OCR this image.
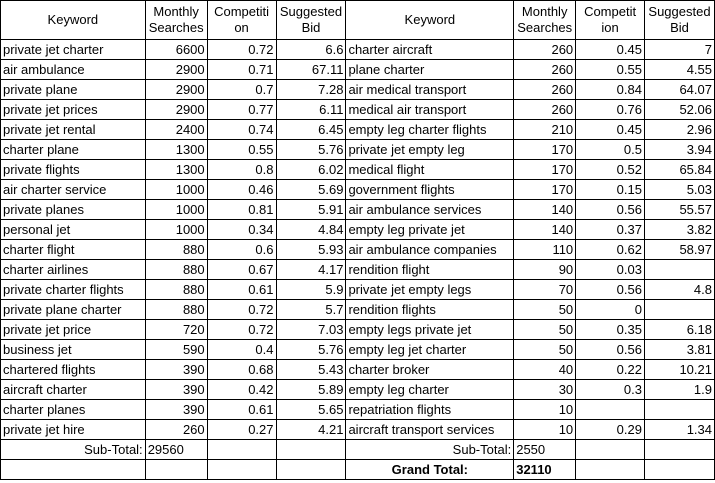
Keyword	Monthly Searches	Competiti on	Suggested Bid	Keyword	Monthly Searches	Competit ion	Suggested Bid
private jet charter	6600	0.72	6.6	charter aircraft	260	0.45	7
air ambulance	2900	0.71	67.11	plane charter	260	0.55	4.55
private plane	2900	0.7	7.28	air medical transport	260	0.84	64.07
private jet prices	2900	0.77	6.11	medical air transport	260	0.76	52.06
private jet rental	2400	0.74	6.45	empty leg charter flights	210	0.45	2.96
charter plane	1300	0.55	5.76	private jet empty leg	170	0.5	3.94
private flights	1300	0.8	6.02	medical flight	170	0.52	65.84
air charter service	1000	0.46	5.69	government flights	170	0.15	5.03
private planes	1000	0.81	5.91	air ambulance services	140	0.56	55.57
personal jet	1000	0.34	4.84	empty leg private jet	140	0.37	3.82
charter flight	880	0.6	5.93	air ambulance companies	110	0.62	58.97
charter airlines	880	0.67	4.17	rendition flight	90	0.03	
private charter flights	880	0.61	5.9	private jet empty legs	70	0.56	4.8
private plane charter	880	0.72	5.7	rendition flights	50	0	
private jet price	720	0.72	7.03	empty legs private jet	50	0.35	6.18
business jet	590	0.4	5.76	empty leg jet charter	50	0.56	3.81
chartered flights	390	0.68	5.43	charter broker	40	0.22	10.21
aircraft charter	390	0.42	5.89	empty leg charter	30	0.3	1.9
charter planes	390	0.61	5.65	repatriation flights	10		
private jet hire	260	0.27	4.21	aircraft transport services	10	0.29	1.34
Sub-Total:	29560			Sub-Total:	2550		
				Grand Total:	32110		
